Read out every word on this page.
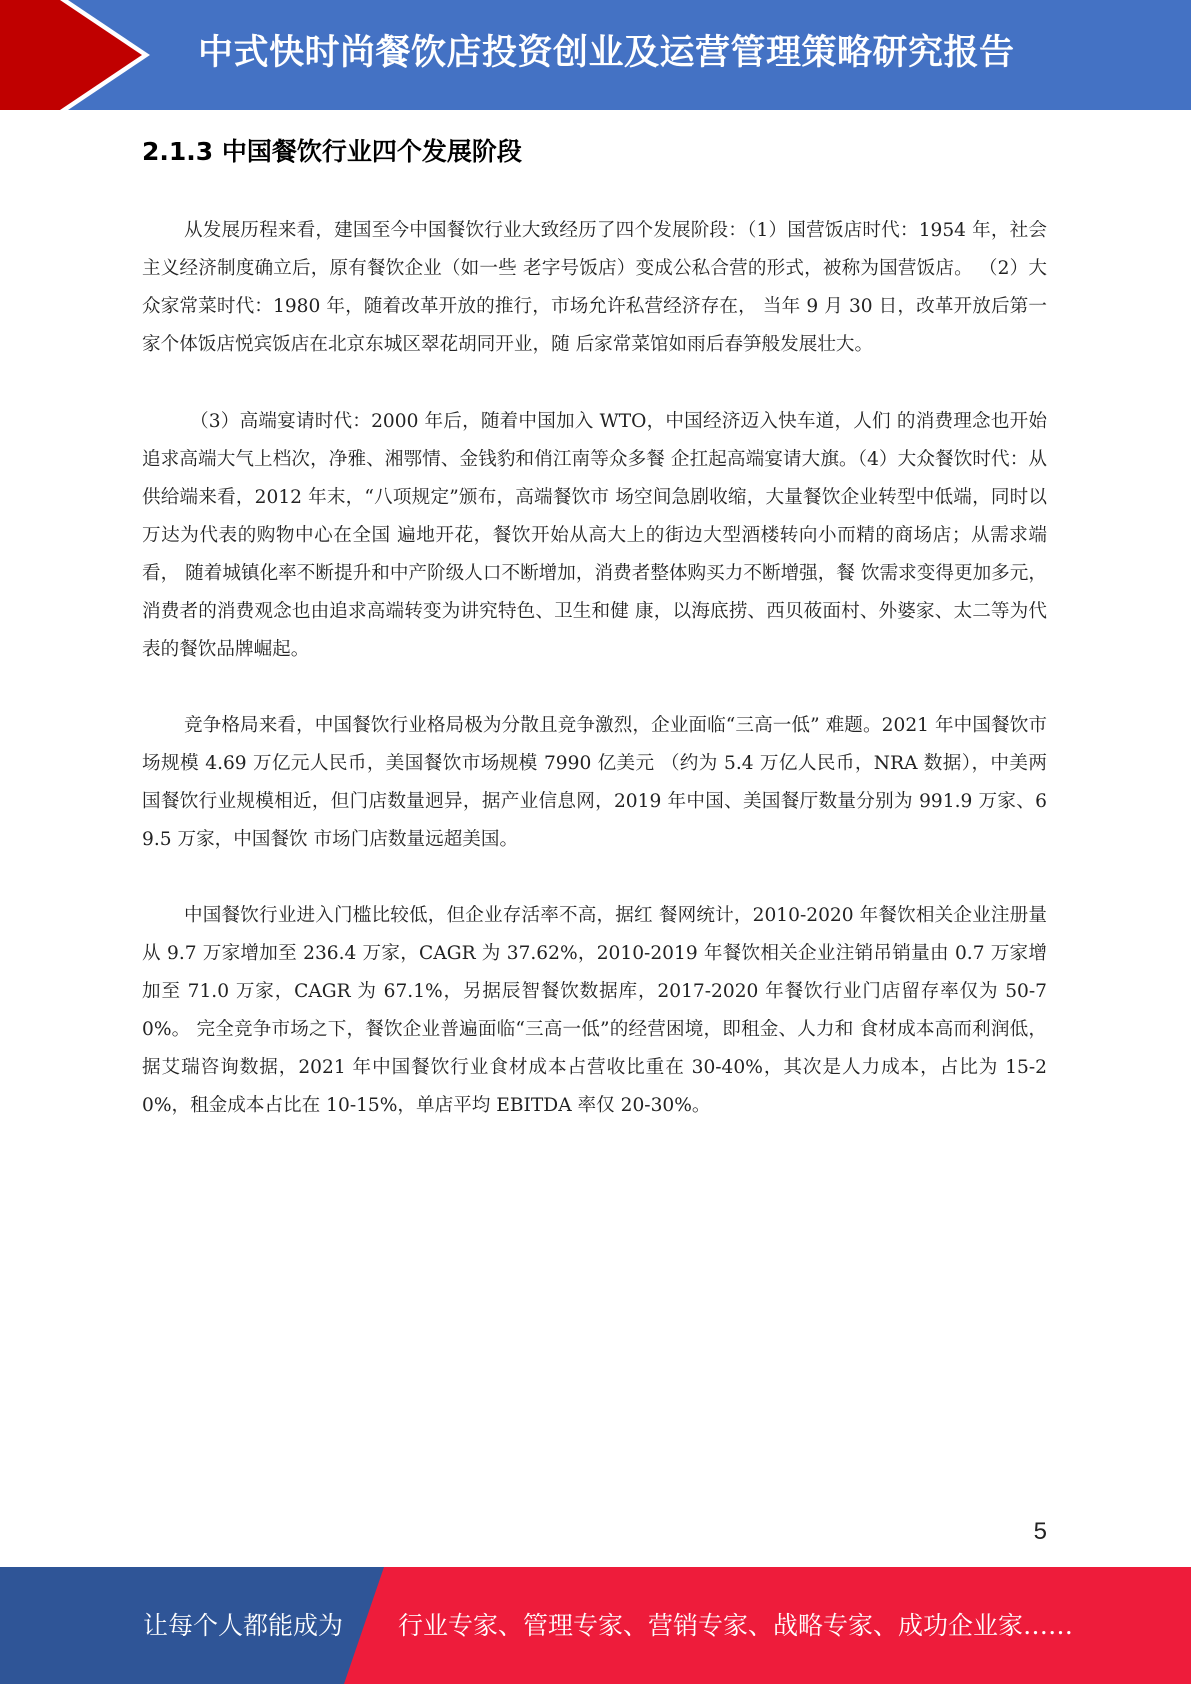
中式快时尚餐饮店投资创业及运营管理策略研究报告
2.1.3 中国餐饮行业四个发展阶段

从发展历程来看，建国至今中国餐饮行业大致经历了四个发展阶段：（1）国营饭店时代：1954 年，社会主义经济制度确立后，原有餐饮企业（如一些 老字号饭店）变成公私合营的形式，被称为国营饭店。 （2）大众家常菜时代：1980 年，随着改革开放的推行，市场允许私营经济存在， 当年 9 月 30 日，改革开放后第一家个体饭店悦宾饭店在北京东城区翠花胡同开业，随 后家常菜馆如雨后春笋般发展壮大。

（3）高端宴请时代：2000 年后，随着中国加入 WTO，中国经济迈入快车道，人们 的消费理念也开始追求高端大气上档次，净雅、湘鄂情、金钱豹和俏江南等众多餐 企扛起高端宴请大旗。（4）大众餐饮时代：从供给端来看，2012 年末，“八项规定”颁布，高端餐饮市 场空间急剧收缩，大量餐饮企业转型中低端，同时以万达为代表的购物中心在全国 遍地开花，餐饮开始从高大上的街边大型酒楼转向小而精的商场店；从需求端看， 随着城镇化率不断提升和中产阶级人口不断增加，消费者整体购买力不断增强，餐 饮需求变得更加多元，消费者的消费观念也由追求高端转变为讲究特色、卫生和健 康，以海底捞、西贝莜面村、外婆家、太二等为代表的餐饮品牌崛起。

竞争格局来看，中国餐饮行业格局极为分散且竞争激烈，企业面临“三高一低” 难题。2021 年中国餐饮市场规模 4.69 万亿元人民币，美国餐饮市场规模 7990 亿美元 （约为 5.4 万亿人民币，NRA 数据），中美两国餐饮行业规模相近，但门店数量迥异，据产业信息网，2019 年中国、美国餐厅数量分别为 991.9 万家、69.5 万家，中国餐饮 市场门店数量远超美国。

中国餐饮行业进入门槛比较低，但企业存活率不高，据红 餐网统计，2010-2020 年餐饮相关企业注册量从 9.7 万家增加至 236.4 万家，CAGR 为 37.62%，2010-2019 年餐饮相关企业注销吊销量由 0.7 万家增加至 71.0 万家，CAGR 为 67.1%，另据辰智餐饮数据库，2017-2020 年餐饮行业门店留存率仅为 50-70%。 完全竞争市场之下，餐饮企业普遍面临“三高一低”的经营困境，即租金、人力和 食材成本高而利润低，据艾瑞咨询数据，2021 年中国餐饮行业食材成本占营收比重在 30-40%，其次是人力成本，占比为 15-20%，租金成本占比在 10-15%，单店平均 EBITDA 率仅 20-30%。

5
让每个人都能成为 行业专家、管理专家、营销专家、战略专家、成功企业家……
